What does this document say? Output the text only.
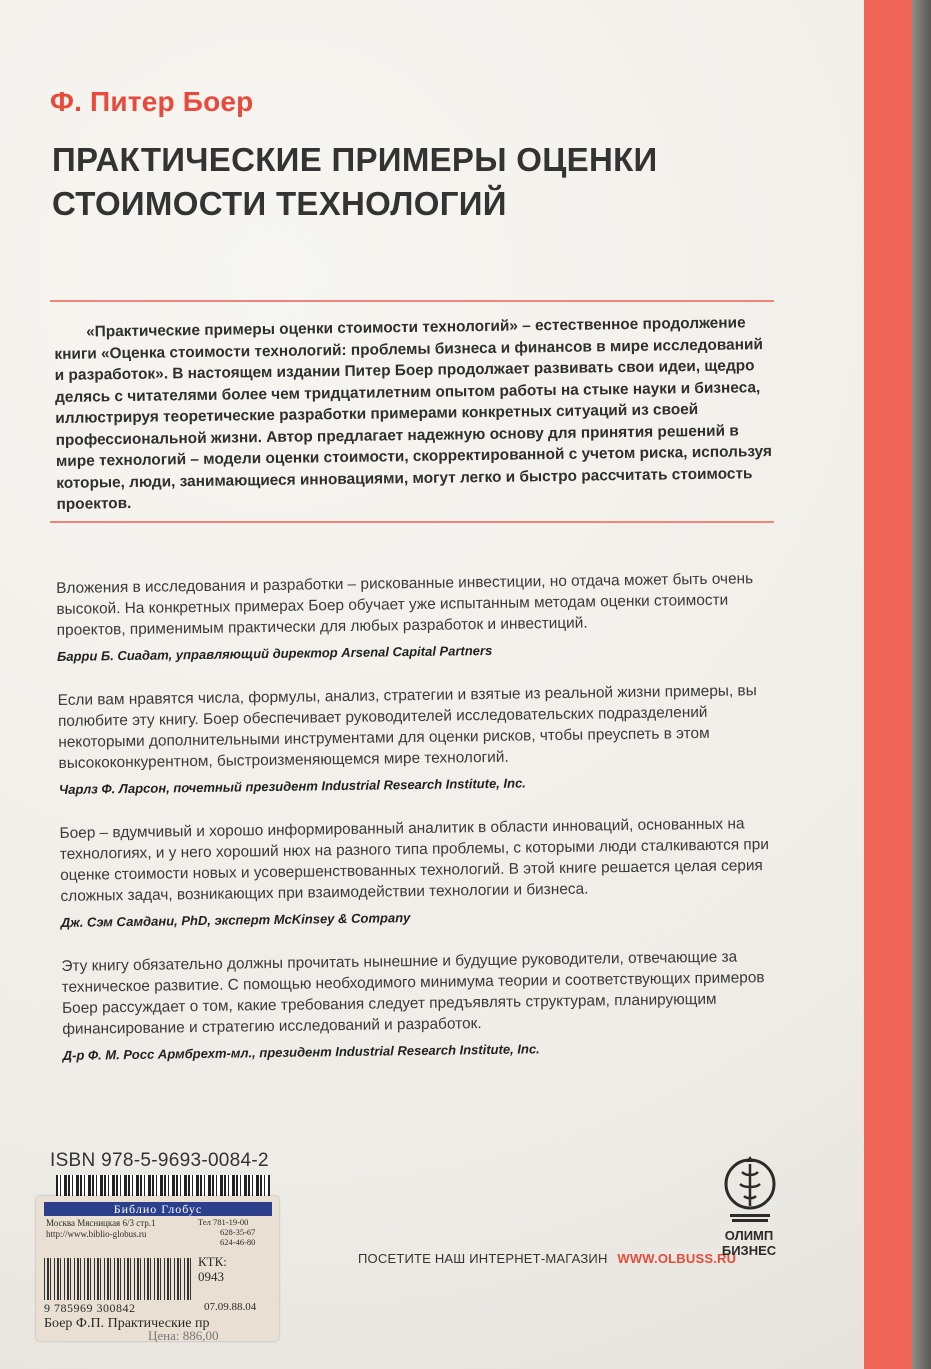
Ф. Питер Боер
ПРАКТИЧЕСКИЕ ПРИМЕРЫ ОЦЕНКИ
СТОИМОСТИ ТЕХНОЛОГИЙ

«Практические примеры оценки стоимости технологий» – естественное продолжение книги «Оценка стоимости технологий: проблемы бизнеса и финансов в мире исследований и разработок». В настоящем издании Питер Боер продолжает развивать свои идеи, щедро делясь с читателями более чем тридцатилетним опытом работы на стыке науки и бизнеса, иллюстрируя теоретические разработки примерами конкретных ситуаций из своей профессиональной жизни. Автор предлагает надежную основу для принятия решений в мире технологий – модели оценки стоимости, скорректированной с учетом риска, используя которые, люди, занимающиеся инновациями, могут легко и быстро рассчитать стоимость проектов.

Вложения в исследования и разработки – рискованные инвестиции, но отдача может быть очень высокой. На конкретных примерах Боер обучает уже испытанным методам оценки стоимости проектов, применимым практически для любых разработок и инвестиций.

Барри Б. Сиадат, управляющий директор Arsenal Capital Partners

Если вам нравятся числа, формулы, анализ, стратегии и взятые из реальной жизни примеры, вы полюбите эту книгу. Боер обеспечивает руководителей исследовательских подразделений некоторыми дополнительными инструментами для оценки рисков, чтобы преуспеть в этом высококонкурентном, быстроизменяющемся мире технологий.

Чарлз Ф. Ларсон, почетный президент Industrial Research Institute, Inc.

Боер – вдумчивый и хорошо информированный аналитик в области инноваций, основанных на технологиях, и у него хороший нюх на разного типа проблемы, с которыми люди сталкиваются при оценке стоимости новых и усовершенствованных технологий. В этой книге решается целая серия сложных задач, возникающих при взаимодействии технологии и бизнеса.

Дж. Сэм Самдани, PhD, эксперт McKinsey & Company

Эту книгу обязательно должны прочитать нынешние и будущие руководители, отвечающие за техническое развитие. С помощью необходимого минимума теории и соответствующих примеров Боер рассуждает о том, какие требования следует предъявлять структурам, планирующим финансирование и стратегию исследований и разработок.

Д-р Ф. М. Росс Армбрехт-мл., президент Industrial Research Institute, Inc.
ISBN 978-5-9693-0084-2
Библио Глобус
Москва Мясницкая 6/3 стр.1
http://www.biblio-globus.ru
Тел 781-19-00
628-35-67
624-46-80
КТК:
0943
9 785969 300842	07.09.88.04
Боер Ф.П. Практические пр
Цена: 886,00
ПОСЕТИТЕ НАШ ИНТЕРНЕТ-МАГАЗИН WWW.OLBUSS.RU
ОЛИМП
БИЗНЕС
